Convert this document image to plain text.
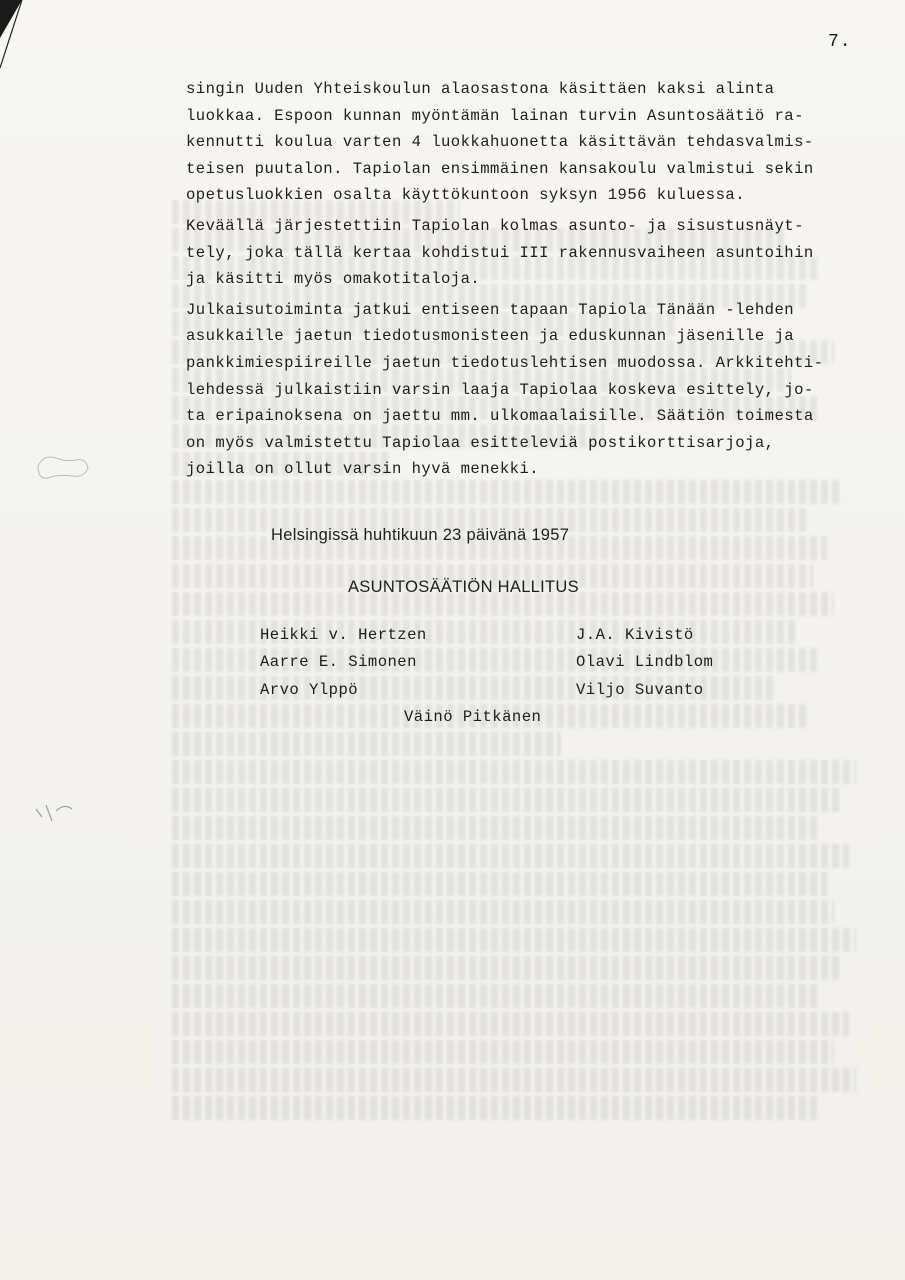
7.
singin Uuden Yhteiskoulun alaosastona käsittäen kaksi alinta
luokkaa. Espoon kunnan myöntämän lainan turvin Asuntosäätiö ra-
kennutti koulua varten 4 luokkahuonetta käsittävän tehdasvalmis-
teisen puutalon. Tapiolan ensimmäinen kansakoulu valmistui sekin
opetusluokkien osalta käyttökuntoon syksyn 1956 kuluessa.
Keväällä järjestettiin Tapiolan kolmas asunto- ja sisustusnäyt-
tely, joka tällä kertaa kohdistui III rakennusvaiheen asuntoihin
ja käsitti myös omakotitaloja.
Julkaisutoiminta jatkui entiseen tapaan Tapiola Tänään -lehden
asukkaille jaetun tiedotusmonisteen ja eduskunnan jäsenille ja
pankkimiespiireille jaetun tiedotuslehtisen muodossa. Arkkitehti-
lehdessä julkaistiin varsin laaja Tapiolaa koskeva esittely, jo-
ta eripainoksena on jaettu mm. ulkomaalaisille. Säätiön toimesta
on myös valmistettu Tapiolaa esitteleviä postikorttisarjoja,
joilla on ollut varsin hyvä menekki.
Helsingissä huhtikuun 23 päivänä 1957
ASUNTOSÄÄTIÖN HALLITUS
Heikki v. Hertzen
Aarre E. Simonen
Arvo Ylppö
J.A. Kivistö
Olavi Lindblom
Viljo Suvanto
Väinö Pitkänen
